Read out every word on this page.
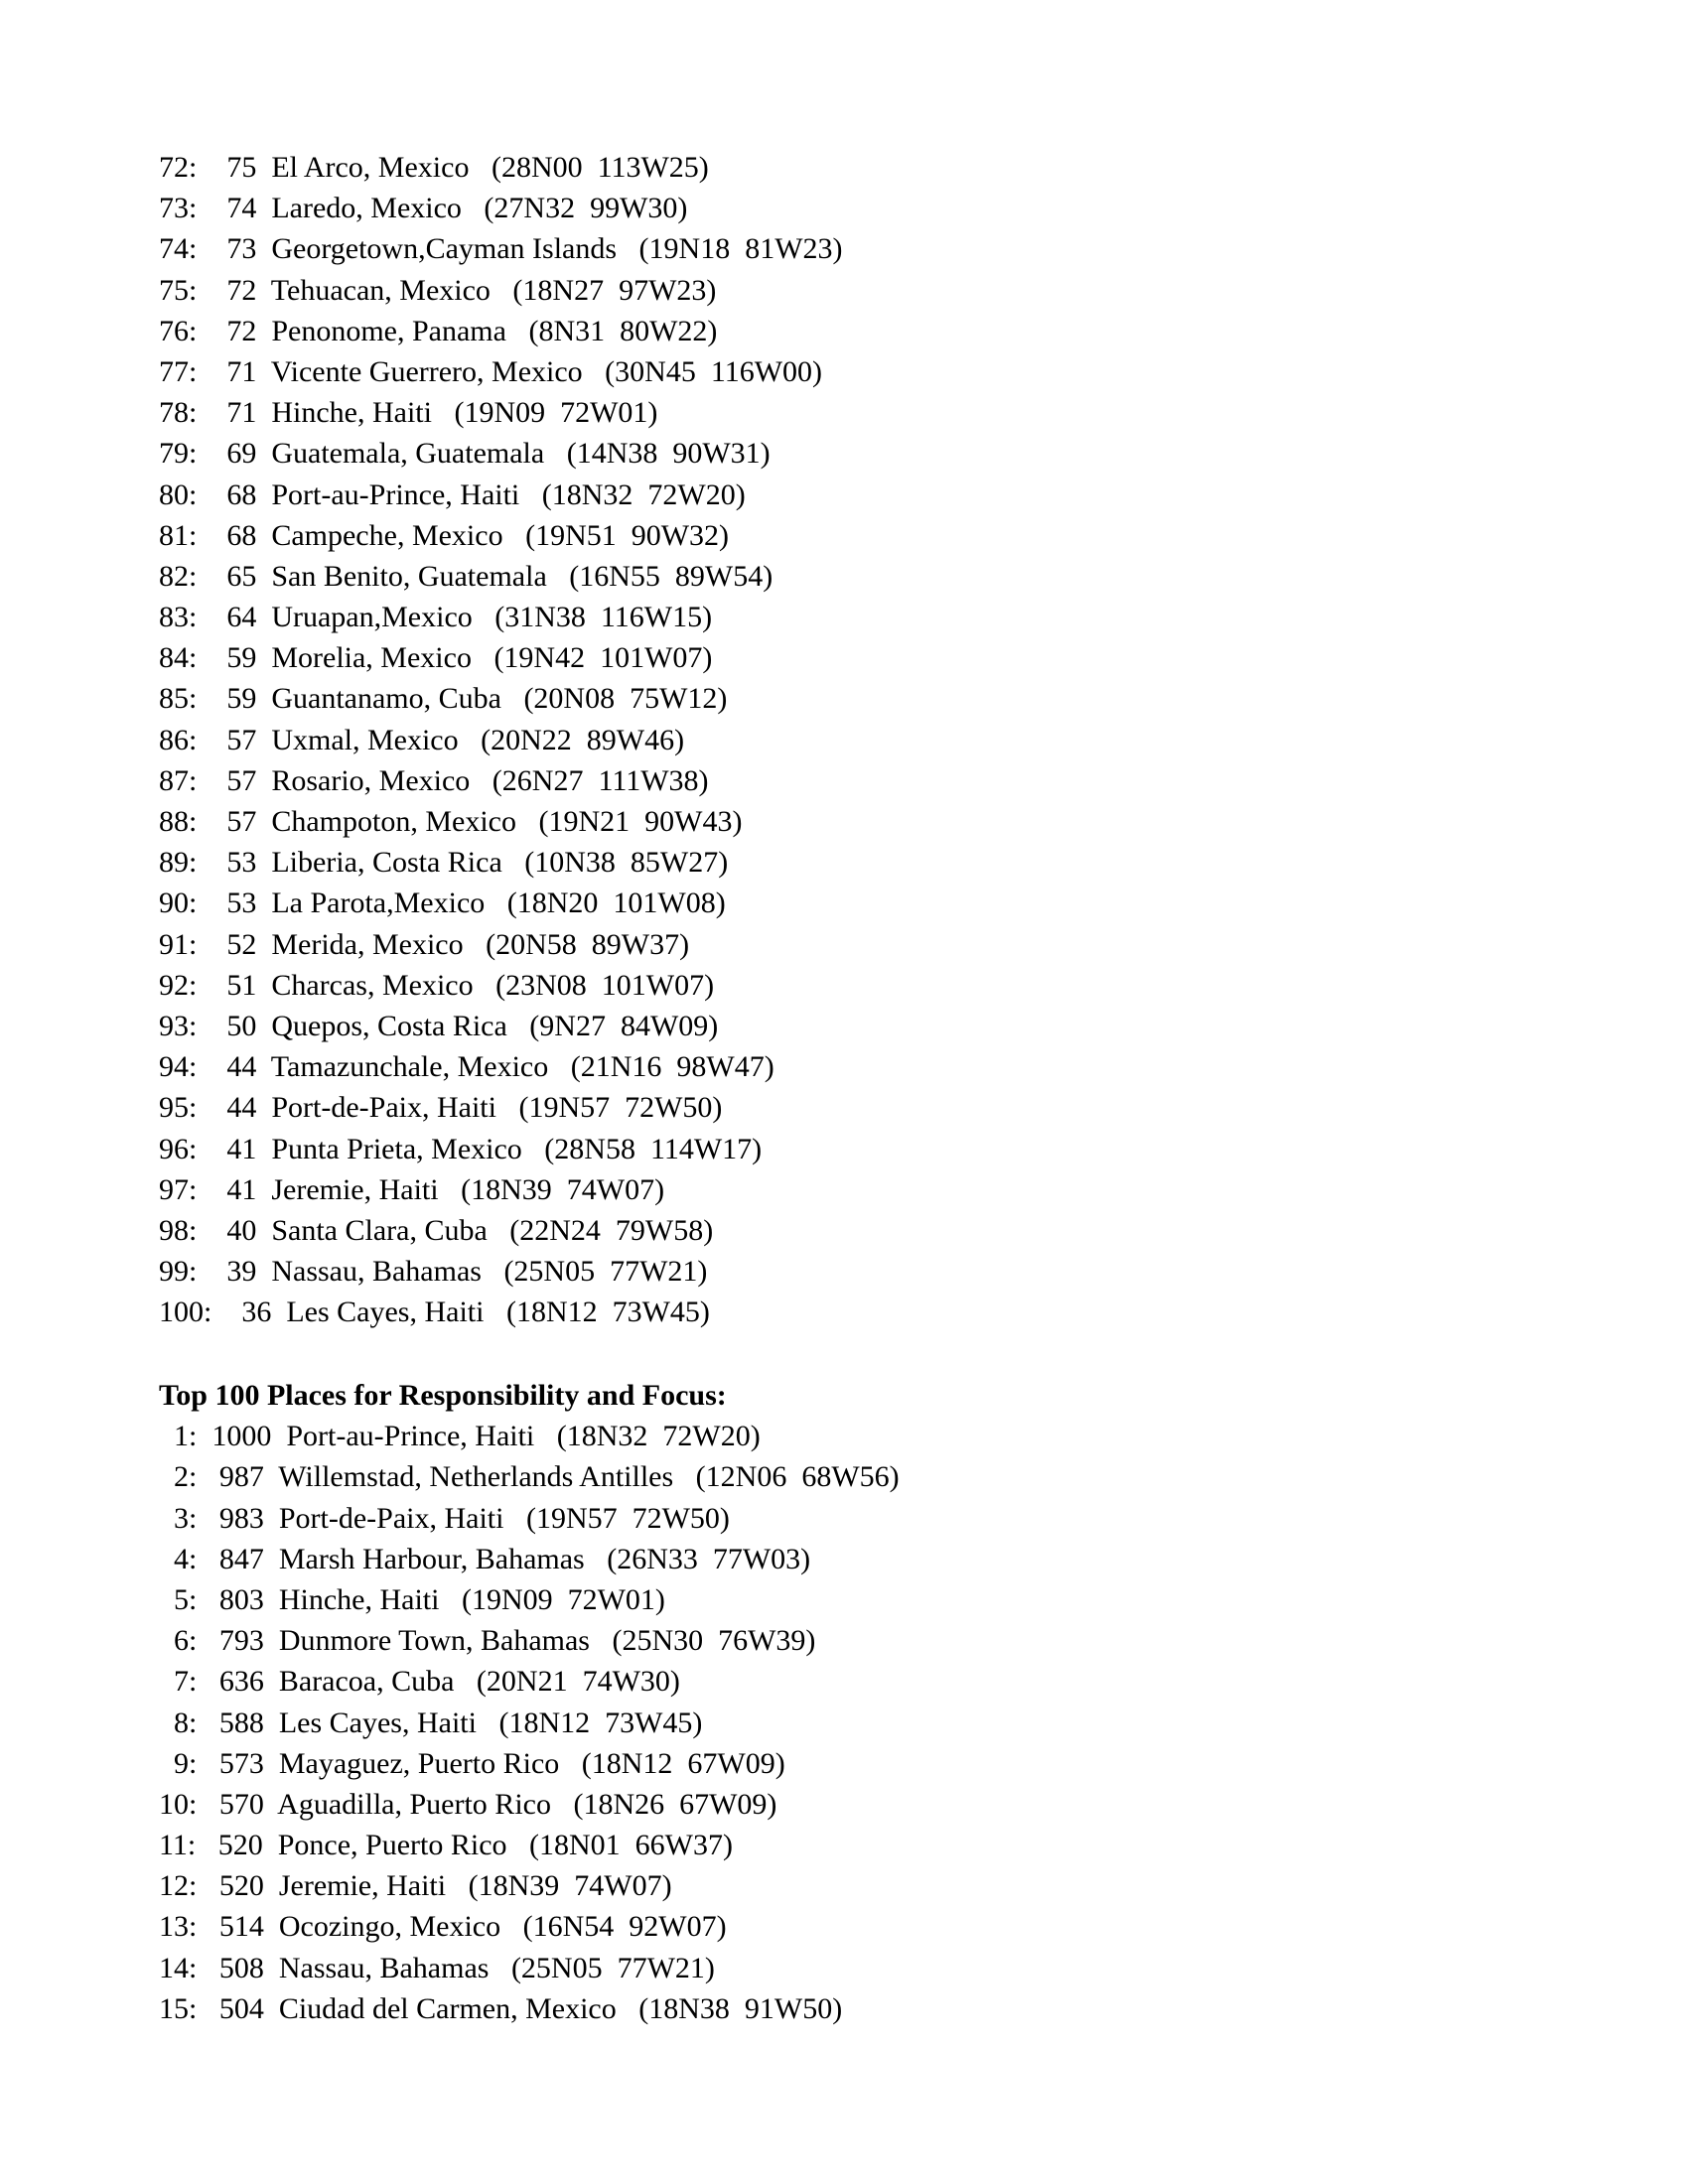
72:    75  El Arco, Mexico   (28N00  113W25)
73:    74  Laredo, Mexico   (27N32  99W30)
74:    73  Georgetown,Cayman Islands   (19N18  81W23)
75:    72  Tehuacan, Mexico   (18N27  97W23)
76:    72  Penonome, Panama   (8N31  80W22)
77:    71  Vicente Guerrero, Mexico   (30N45  116W00)
78:    71  Hinche, Haiti   (19N09  72W01)
79:    69  Guatemala, Guatemala   (14N38  90W31)
80:    68  Port-au-Prince, Haiti   (18N32  72W20)
81:    68  Campeche, Mexico   (19N51  90W32)
82:    65  San Benito, Guatemala   (16N55  89W54)
83:    64  Uruapan,Mexico   (31N38  116W15)
84:    59  Morelia, Mexico   (19N42  101W07)
85:    59  Guantanamo, Cuba   (20N08  75W12)
86:    57  Uxmal, Mexico   (20N22  89W46)
87:    57  Rosario, Mexico   (26N27  111W38)
88:    57  Champoton, Mexico   (19N21  90W43)
89:    53  Liberia, Costa Rica   (10N38  85W27)
90:    53  La Parota,Mexico   (18N20  101W08)
91:    52  Merida, Mexico   (20N58  89W37)
92:    51  Charcas, Mexico   (23N08  101W07)
93:    50  Quepos, Costa Rica   (9N27  84W09)
94:    44  Tamazunchale, Mexico   (21N16  98W47)
95:    44  Port-de-Paix, Haiti   (19N57  72W50)
96:    41  Punta Prieta, Mexico   (28N58  114W17)
97:    41  Jeremie, Haiti   (18N39  74W07)
98:    40  Santa Clara, Cuba   (22N24  79W58)
99:    39  Nassau, Bahamas   (25N05  77W21)
100:    36  Les Cayes, Haiti   (18N12  73W45)
Top 100 Places for Responsibility and Focus:
1:  1000  Port-au-Prince, Haiti   (18N32  72W20)
2:   987  Willemstad, Netherlands Antilles   (12N06  68W56)
3:   983  Port-de-Paix, Haiti   (19N57  72W50)
4:   847  Marsh Harbour, Bahamas   (26N33  77W03)
5:   803  Hinche, Haiti   (19N09  72W01)
6:   793  Dunmore Town, Bahamas   (25N30  76W39)
7:   636  Baracoa, Cuba   (20N21  74W30)
8:   588  Les Cayes, Haiti   (18N12  73W45)
9:   573  Mayaguez, Puerto Rico   (18N12  67W09)
10:   570  Aguadilla, Puerto Rico   (18N26  67W09)
11:   520  Ponce, Puerto Rico   (18N01  66W37)
12:   520  Jeremie, Haiti   (18N39  74W07)
13:   514  Ocozingo, Mexico   (16N54  92W07)
14:   508  Nassau, Bahamas   (25N05  77W21)
15:   504  Ciudad del Carmen, Mexico   (18N38  91W50)
